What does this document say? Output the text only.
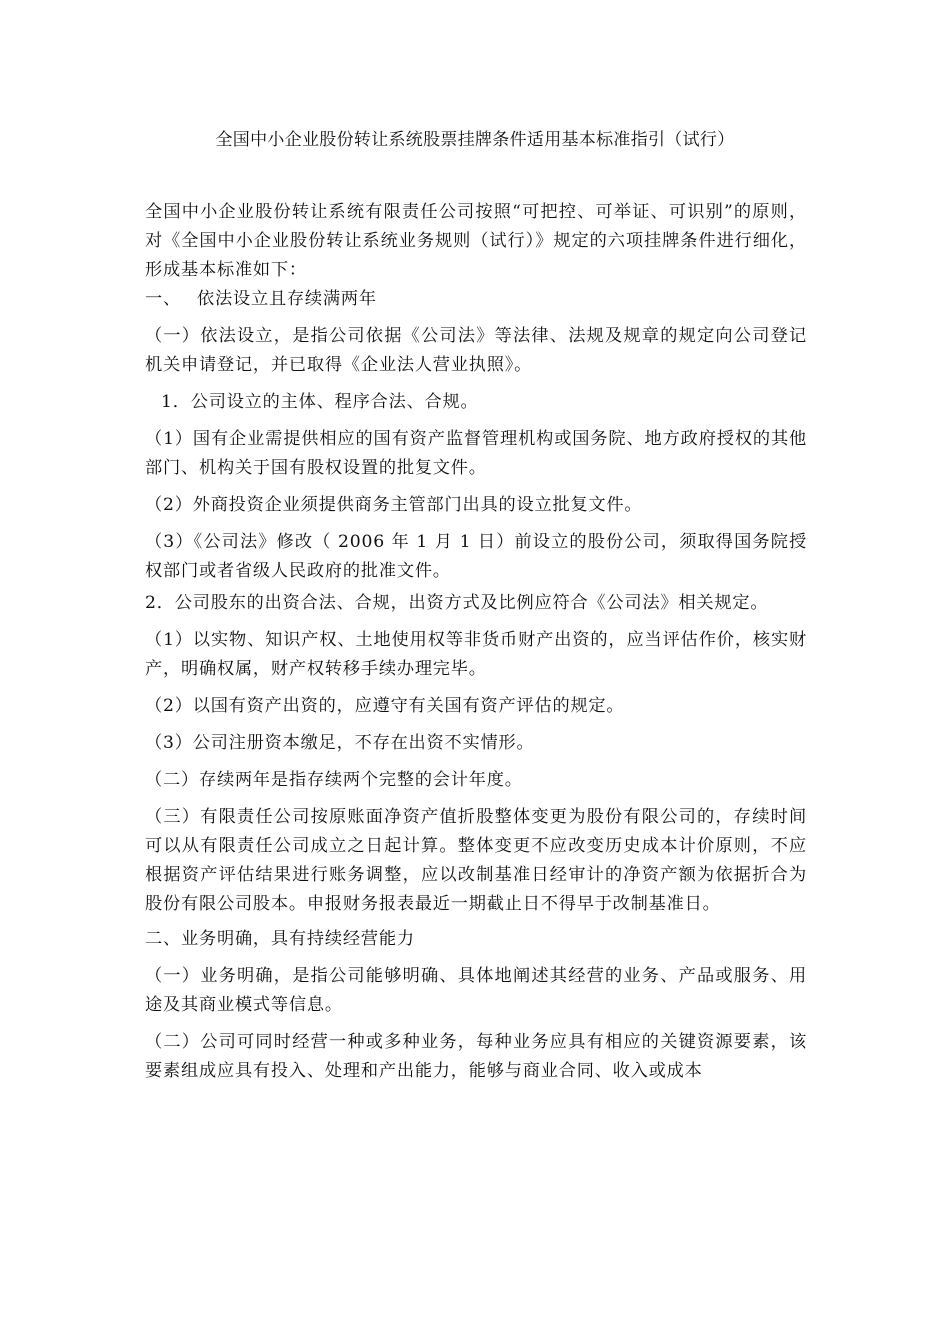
全国中小企业股份转让系统股票挂牌条件适用基本标准指引（试行）

全国中小企业股份转让系统有限责任公司按照“可把控、可举证、可识别”的原则，对《全国中小企业股份转让系统业务规则（试行）》规定的六项挂牌条件进行细化，形成基本标准如下：

一、 依法设立且存续满两年

（一）依法设立，是指公司依据《公司法》等法律、法规及规章的规定向公司登记机关申请登记，并已取得《企业法人营业执照》。

1．公司设立的主体、程序合法、合规。

（1）国有企业需提供相应的国有资产监督管理机构或国务院、地方政府授权的其他部门、机构关于国有股权设置的批复文件。

（2）外商投资企业须提供商务主管部门出具的设立批复文件。

（3）《公司法》修改（ 2006 年 1 月 1 日）前设立的股份公司，须取得国务院授权部门或者省级人民政府的批准文件。

2．公司股东的出资合法、合规，出资方式及比例应符合《公司法》相关规定。

（1）以实物、知识产权、土地使用权等非货币财产出资的，应当评估作价，核实财产，明确权属，财产权转移手续办理完毕。

（2）以国有资产出资的，应遵守有关国有资产评估的规定。

（3）公司注册资本缴足，不存在出资不实情形。

（二）存续两年是指存续两个完整的会计年度。

（三）有限责任公司按原账面净资产值折股整体变更为股份有限公司的，存续时间可以从有限责任公司成立之日起计算。整体变更不应改变历史成本计价原则，不应根据资产评估结果进行账务调整，应以改制基准日经审计的净资产额为依据折合为股份有限公司股本。申报财务报表最近一期截止日不得早于改制基准日。

二、业务明确，具有持续经营能力

（一）业务明确，是指公司能够明确、具体地阐述其经营的业务、产品或服务、用途及其商业模式等信息。

（二）公司可同时经营一种或多种业务，每种业务应具有相应的关键资源要素，该要素组成应具有投入、处理和产出能力，能够与商业合同、收入或成本
